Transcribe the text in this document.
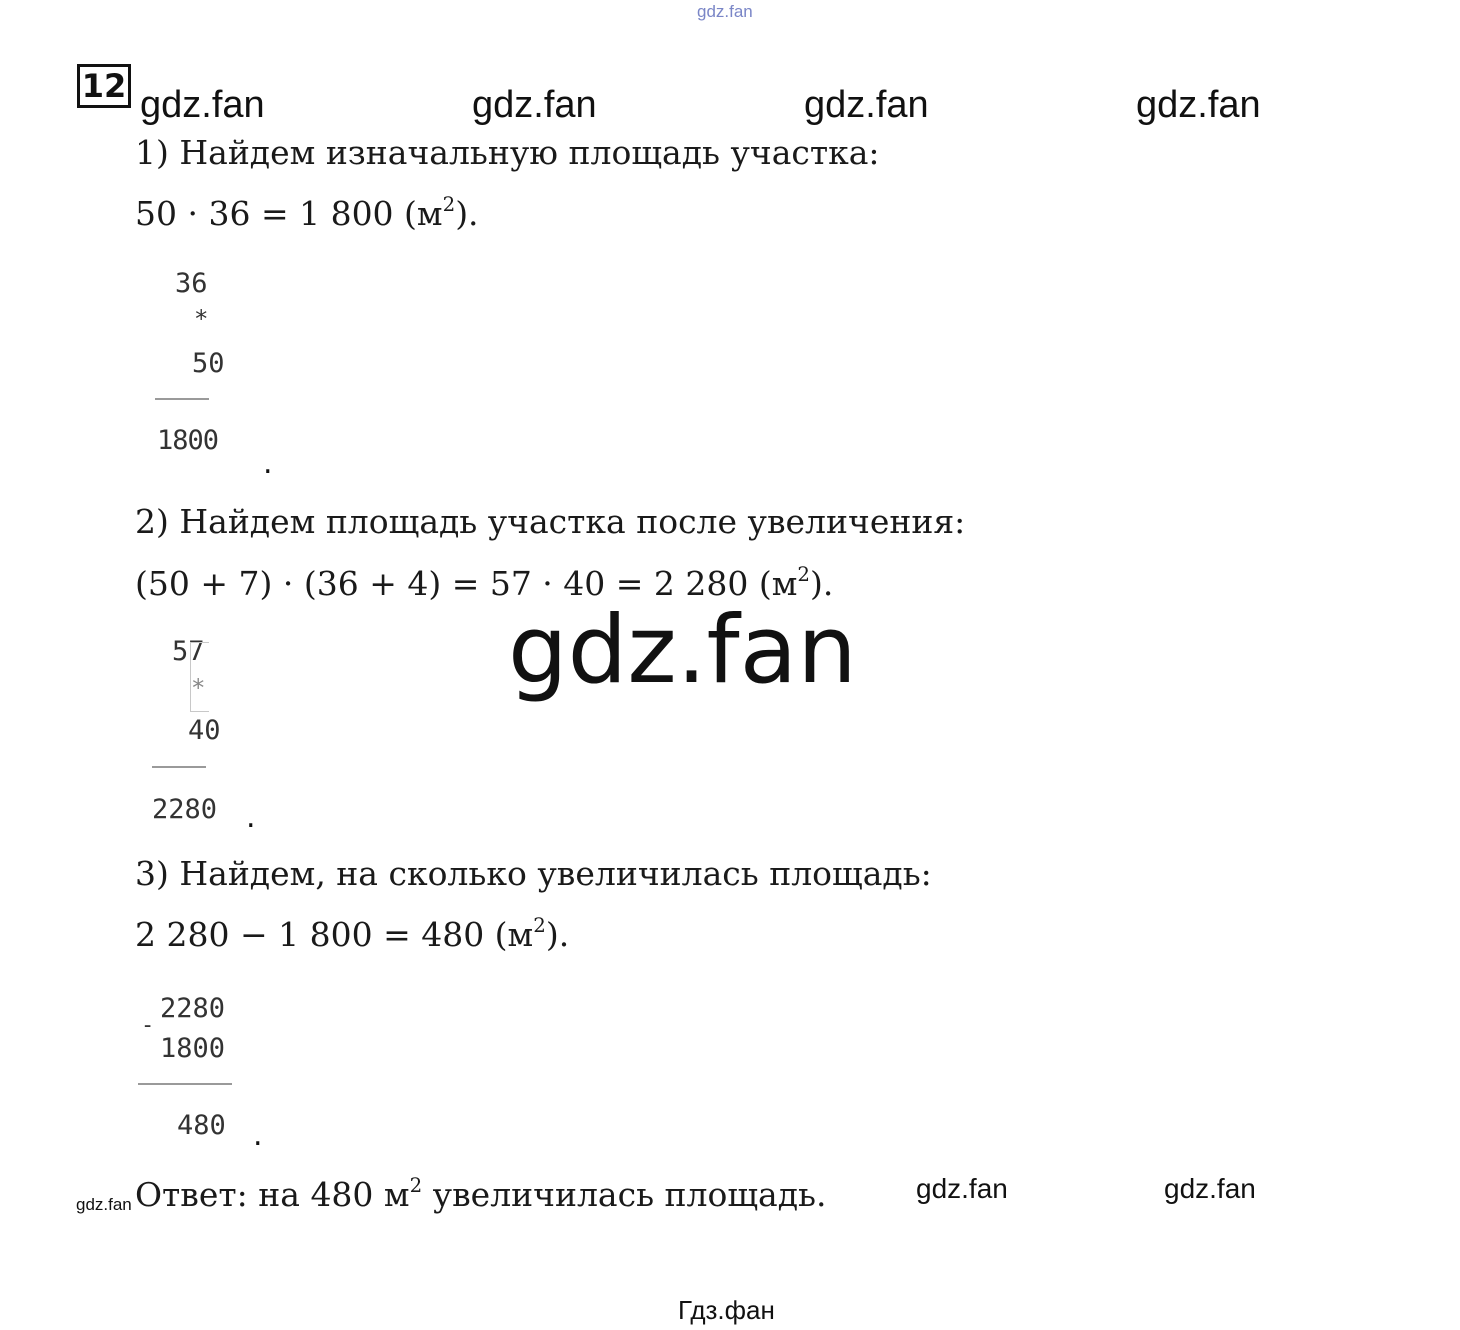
gdz.fan
12 gdz.fan	gdz.fan	gdz.fan	gdz.fan
1) Найдем изначальную площадь участка:
50 · 36 = 1 800 $(м^2)$.
36
*
50
1800
.
2) Найдем площадь участка после увеличения:
(50 + 7) · (36 + 4) = 57 · 40 = 2 280 $(м^2)$.
gdz.fan
57
*
40
2280 .
3) Найдем, на сколько увеличилась площадь:
2 280 − 1 800 = 480 $(м^2)$.
-
2280
1800
480 .
gdz.fan Ответ: на 480 $м^2$ увеличилась площадь.	gdz.fan	gdz.fan
Гдз.фан
